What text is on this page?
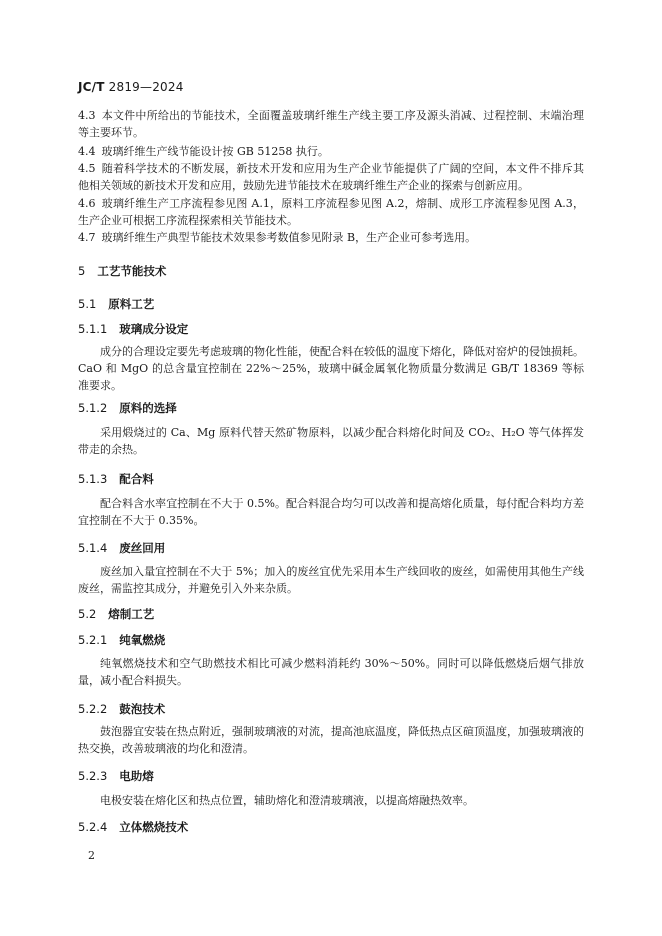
JC/T 2819—2024

4.3 本文件中所给出的节能技术，全面覆盖玻璃纤维生产线主要工序及源头消减、过程控制、末端治理等主要环节。

4.4 玻璃纤维生产线节能设计按 GB 51258 执行。

4.5 随着科学技术的不断发展，新技术开发和应用为生产企业节能提供了广阔的空间，本文件不排斥其他相关领域的新技术开发和应用，鼓励先进节能技术在玻璃纤维生产企业的探索与创新应用。

4.6 玻璃纤维生产工序流程参见图 A.1，原料工序流程参见图 A.2，熔制、成形工序流程参见图 A.3，生产企业可根据工序流程探索相关节能技术。

4.7 玻璃纤维生产典型节能技术效果参考数值参见附录 B，生产企业可参考选用。

5 工艺节能技术

5.1 原料工艺

5.1.1 玻璃成分设定

成分的合理设定要先考虑玻璃的物化性能，使配合料在较低的温度下熔化，降低对窑炉的侵蚀损耗。CaO 和 MgO 的总含量宜控制在 22%～25%，玻璃中碱金属氧化物质量分数满足 GB/T 18369 等标准要求。

5.1.2 原料的选择

采用煅烧过的 Ca、Mg 原料代替天然矿物原料，以减少配合料熔化时间及 CO₂、H₂O 等气体挥发带走的余热。

5.1.3 配合料

配合料含水率宜控制在不大于 0.5%。配合料混合均匀可以改善和提高熔化质量，每付配合料均方差宜控制在不大于 0.35%。

5.1.4 废丝回用

废丝加入量宜控制在不大于 5%；加入的废丝宜优先采用本生产线回收的废丝，如需使用其他生产线废丝，需监控其成分，并避免引入外来杂质。

5.2 熔制工艺

5.2.1 纯氧燃烧

纯氧燃烧技术和空气助燃技术相比可减少燃料消耗约 30%～50%。同时可以降低燃烧后烟气排放量，减小配合料损失。

5.2.2 鼓泡技术

鼓泡器宜安装在热点附近，强制玻璃液的对流，提高池底温度，降低热点区碹顶温度，加强玻璃液的热交换，改善玻璃液的均化和澄清。

5.2.3 电助熔

电极安装在熔化区和热点位置，辅助熔化和澄清玻璃液，以提高熔融热效率。

5.2.4 立体燃烧技术

2
